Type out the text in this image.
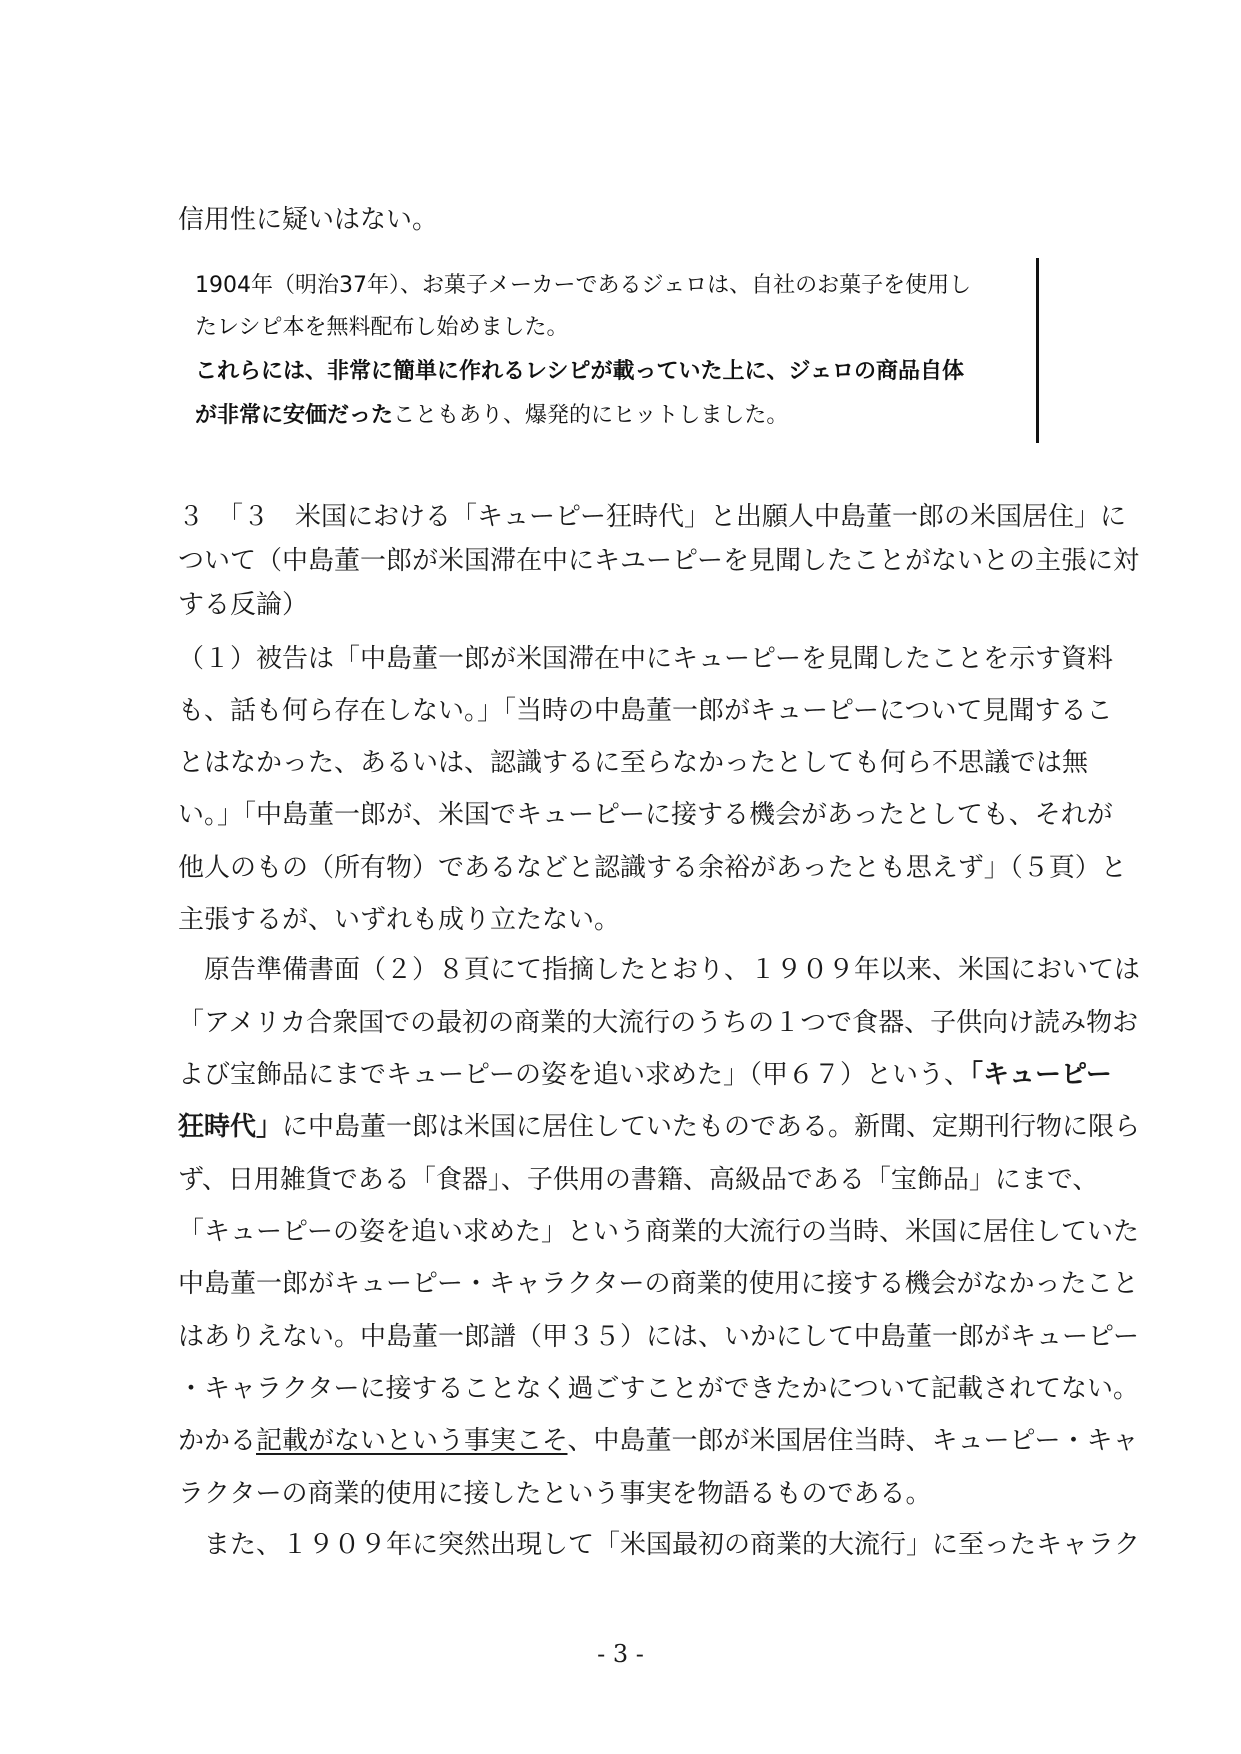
信用性に疑いはない。
1904年（明治37年）、お菓子メーカーであるジェロは、自社のお菓子を使用し
たレシピ本を無料配布し始めました。
これらには、非常に簡単に作れるレシピが載っていた上に、ジェロの商品自体
が非常に安価だったこともあり、爆発的にヒットしました。
３　「３　米国における「キューピー狂時代」と出願人中島董一郎の米国居住」に
ついて（中島董一郎が米国滞在中にキユーピーを見聞したことがないとの主張に対
する反論）
（１）被告は「中島董一郎が米国滞在中にキューピーを見聞したことを示す資料
も、話も何ら存在しない。」「当時の中島董一郎がキューピーについて見聞するこ
とはなかった、あるいは、認識するに至らなかったとしても何ら不思議では無
い。」「中島董一郎が、米国でキューピーに接する機会があったとしても、それが
他人のもの（所有物）であるなどと認識する余裕があったとも思えず」（５頁）と
主張するが、いずれも成り立たない。
　原告準備書面（２）８頁にて指摘したとおり、１９０９年以来、米国においては
「アメリカ合衆国での最初の商業的大流行のうちの１つで食器、子供向け読み物お
よび宝飾品にまでキューピーの姿を追い求めた」（甲６７）という、「キューピー
狂時代」に中島董一郎は米国に居住していたものである。新聞、定期刊行物に限ら
ず、日用雑貨である「食器」、子供用の書籍、高級品である「宝飾品」にまで、
「キューピーの姿を追い求めた」という商業的大流行の当時、米国に居住していた
中島董一郎がキューピー・キャラクターの商業的使用に接する機会がなかったこと
はありえない。中島董一郎譜（甲３５）には、いかにして中島董一郎がキューピー
・キャラクターに接することなく過ごすことができたかについて記載されてない。
かかる記載がないという事実こそ、中島董一郎が米国居住当時、キューピー・キャ
ラクターの商業的使用に接したという事実を物語るものである。
　また、１９０９年に突然出現して「米国最初の商業的大流行」に至ったキャラク
- 3 -
